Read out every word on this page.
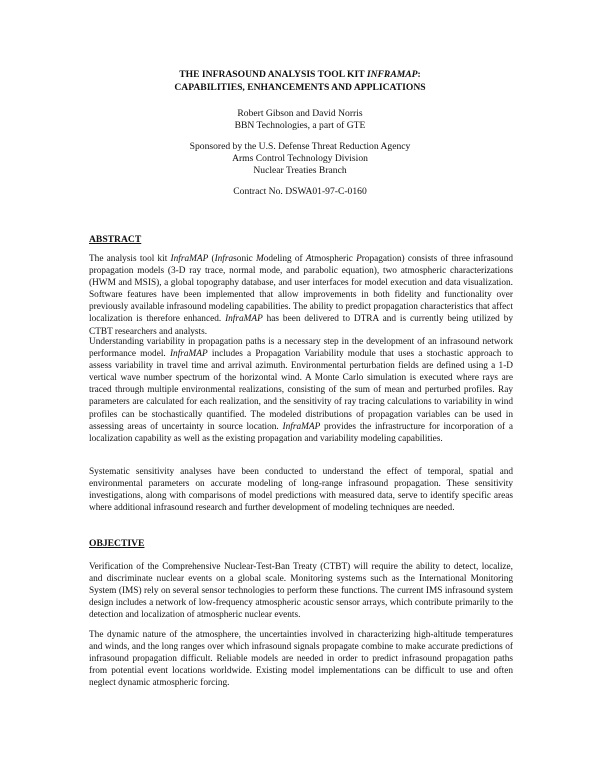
THE INFRASOUND ANALYSIS TOOL KIT INFRAMAP:
CAPABILITIES, ENHANCEMENTS AND APPLICATIONS
Robert Gibson and David Norris
BBN Technologies, a part of GTE
Sponsored by the U.S. Defense Threat Reduction Agency
Arms Control Technology Division
Nuclear Treaties Branch
Contract No. DSWA01-97-C-0160
ABSTRACT
The analysis tool kit InfraMAP (Infrasonic Modeling of Atmospheric Propagation) consists of three infrasound propagation models (3-D ray trace, normal mode, and parabolic equation), two atmospheric characterizations (HWM and MSIS), a global topography database, and user interfaces for model execution and data visualization. Software features have been implemented that allow improvements in both fidelity and functionality over previously available infrasound modeling capabilities. The ability to predict propagation characteristics that affect localization is therefore enhanced. InfraMAP has been delivered to DTRA and is currently being utilized by CTBT researchers and analysts.
Understanding variability in propagation paths is a necessary step in the development of an infrasound network performance model. InfraMAP includes a Propagation Variability module that uses a stochastic approach to assess variability in travel time and arrival azimuth. Environmental perturbation fields are defined using a 1-D vertical wave number spectrum of the horizontal wind. A Monte Carlo simulation is executed where rays are traced through multiple environmental realizations, consisting of the sum of mean and perturbed profiles. Ray parameters are calculated for each realization, and the sensitivity of ray tracing calculations to variability in wind profiles can be stochastically quantified. The modeled distributions of propagation variables can be used in assessing areas of uncertainty in source location. InfraMAP provides the infrastructure for incorporation of a localization capability as well as the existing propagation and variability modeling capabilities.
Systematic sensitivity analyses have been conducted to understand the effect of temporal, spatial and environmental parameters on accurate modeling of long-range infrasound propagation. These sensitivity investigations, along with comparisons of model predictions with measured data, serve to identify specific areas where additional infrasound research and further development of modeling techniques are needed.
OBJECTIVE
Verification of the Comprehensive Nuclear-Test-Ban Treaty (CTBT) will require the ability to detect, localize, and discriminate nuclear events on a global scale. Monitoring systems such as the International Monitoring System (IMS) rely on several sensor technologies to perform these functions. The current IMS infrasound system design includes a network of low-frequency atmospheric acoustic sensor arrays, which contribute primarily to the detection and localization of atmospheric nuclear events.
The dynamic nature of the atmosphere, the uncertainties involved in characterizing high-altitude temperatures and winds, and the long ranges over which infrasound signals propagate combine to make accurate predictions of infrasound propagation difficult. Reliable models are needed in order to predict infrasound propagation paths from potential event locations worldwide. Existing model implementations can be difficult to use and often neglect dynamic atmospheric forcing.
